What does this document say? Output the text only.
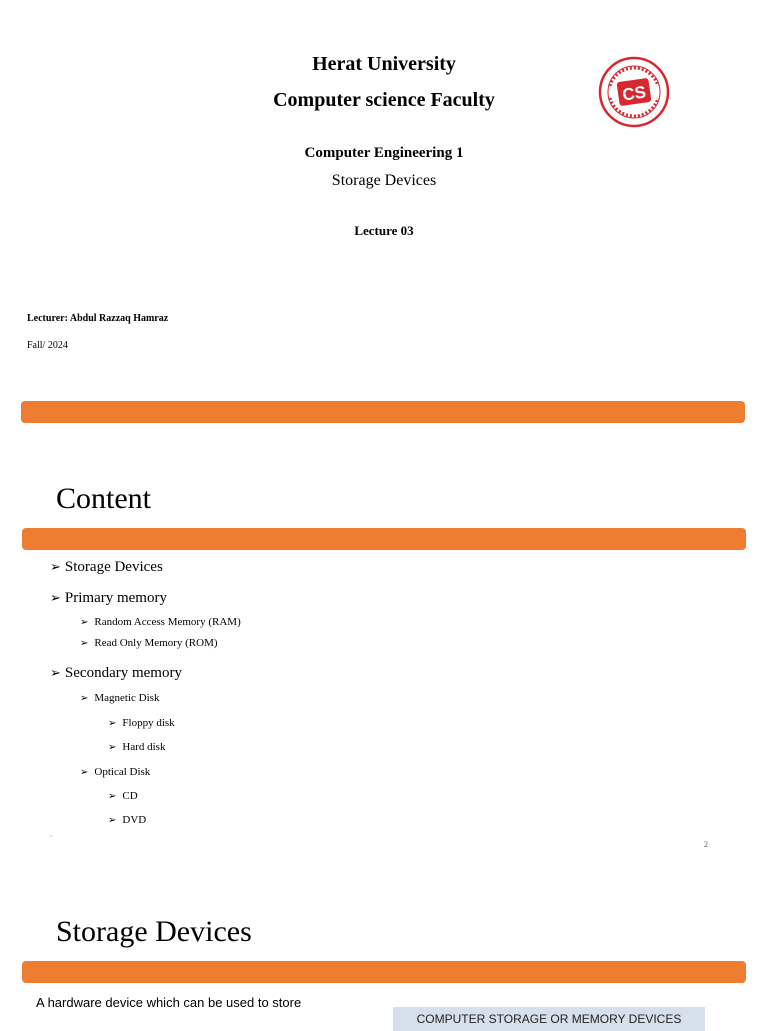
Herat University
Computer science Faculty
Computer Engineering 1
Storage Devices
Lecture 03
Lecturer: Abdul Razzaq Hamraz
Fall/ 2024
CS
Content
➢ Storage Devices
➢ Primary memory
➢ Random Access Memory (RAM)
➢ Read Only Memory (ROM)
➢ Secondary memory
➢ Magnetic Disk
➢ Floppy disk
➢ Hard disk
➢ Optical Disk
➢ CD
➢ DVD
`
2
Storage Devices
A hardware device which can be used to store
COMPUTER STORAGE OR MEMORY DEVICES
